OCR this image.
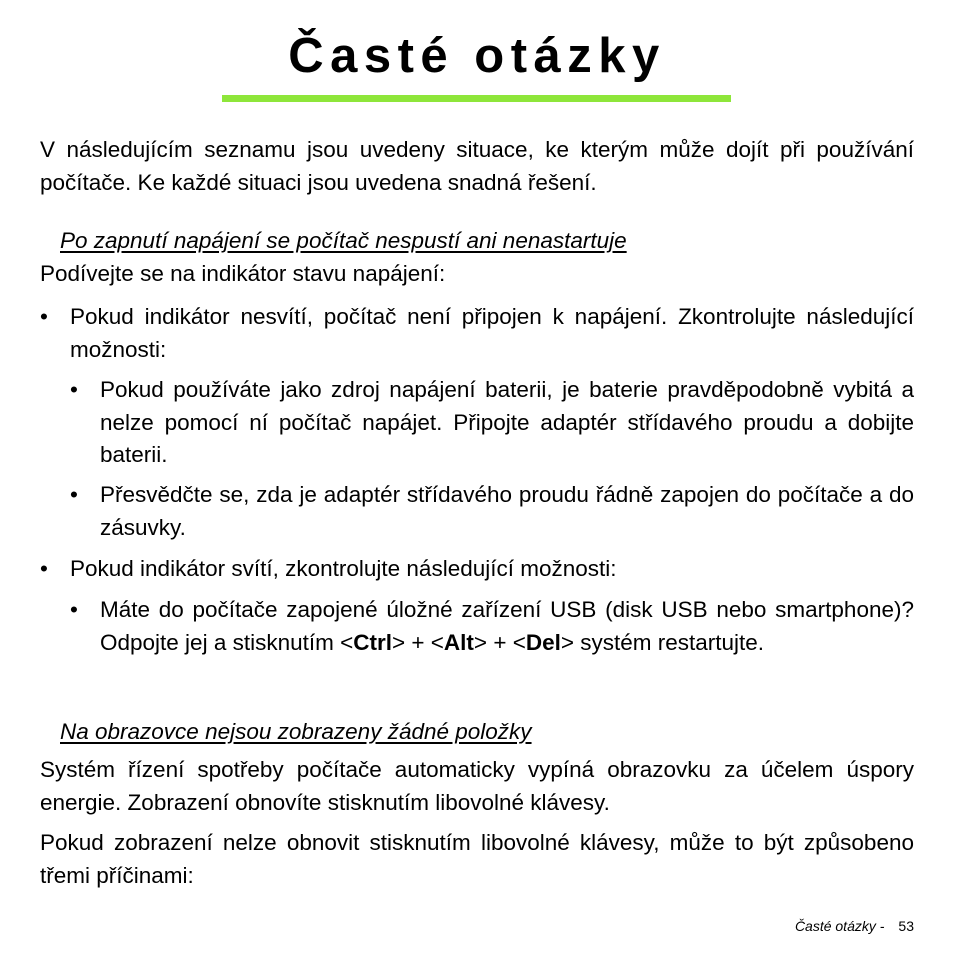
Časté otázky
V následujícím seznamu jsou uvedeny situace, ke kterým může dojít při používání počítače. Ke každé situaci jsou uvedena snadná řešení.
Po zapnutí napájení se počítač nespustí ani nenastartuje
Podívejte se na indikátor stavu napájení:
• Pokud indikátor nesvítí, počítač není připojen k napájení. Zkontrolujte následující možnosti:
• Pokud používáte jako zdroj napájení baterii, je baterie pravděpodobně vybitá a nelze pomocí ní počítač napájet. Připojte adaptér střídavého proudu a dobijte baterii.
• Přesvědčte se, zda je adaptér střídavého proudu řádně zapojen do počítače a do zásuvky.
• Pokud indikátor svítí, zkontrolujte následující možnosti:
• Máte do počítače zapojené úložné zařízení USB (disk USB nebo smartphone)? Odpojte jej a stisknutím <Ctrl> + <Alt> + <Del> systém restartujte.
Na obrazovce nejsou zobrazeny žádné položky
Systém řízení spotřeby počítače automaticky vypíná obrazovku za účelem úspory energie. Zobrazení obnovíte stisknutím libovolné klávesy.
Pokud zobrazení nelze obnovit stisknutím libovolné klávesy, může to být způsobeno třemi příčinami:
Časté otázky - 53
